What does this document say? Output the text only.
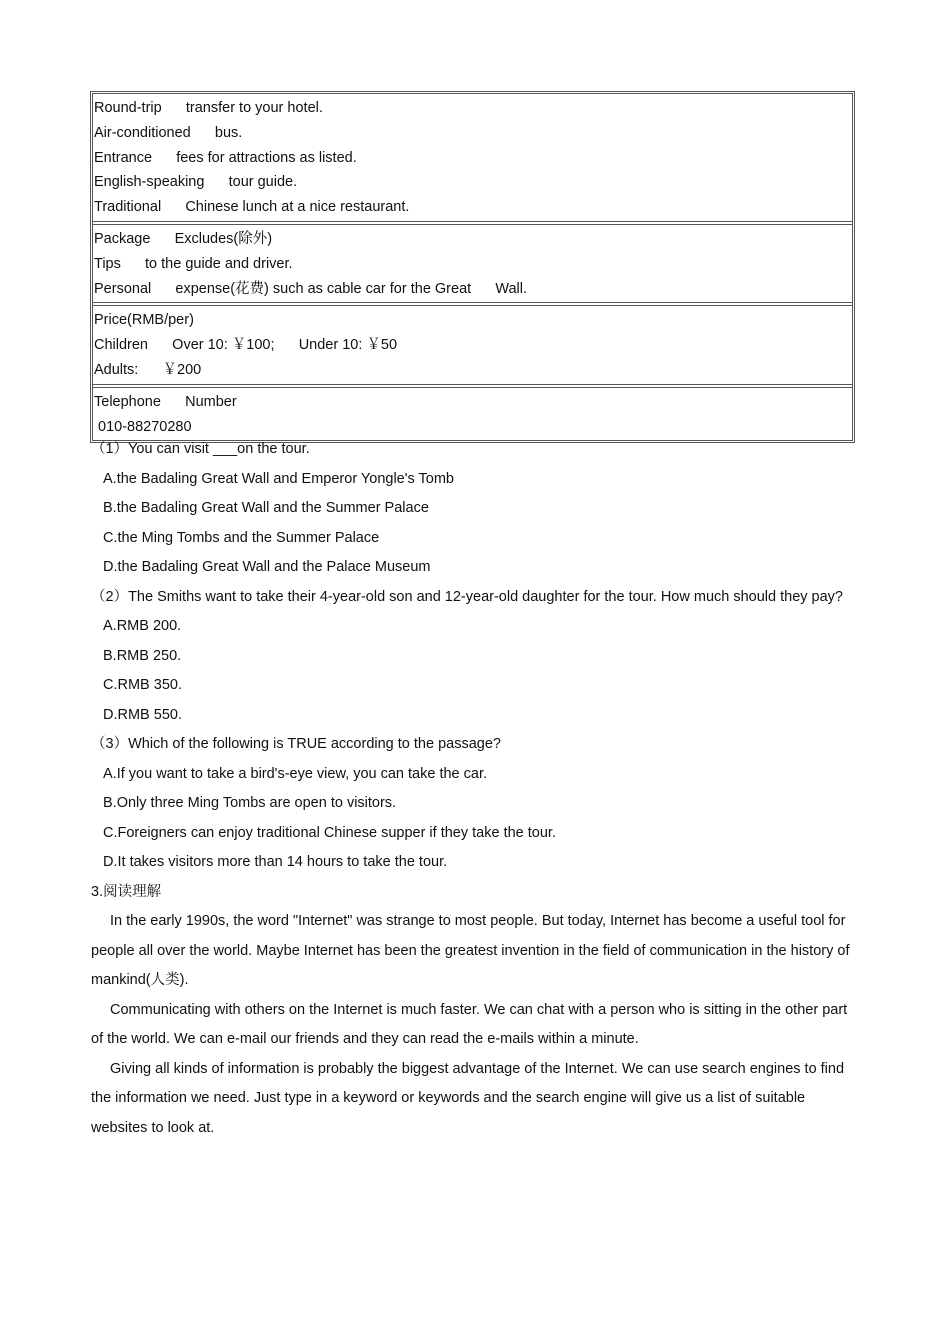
Round-trip      transfer to your hotel.
Air-conditioned      bus.
Entrance      fees for attractions as listed.
English-speaking      tour guide.
Traditional      Chinese lunch at a nice restaurant.
Package      Excludes(除外)
Tips      to the guide and driver.
Personal      expense(花费) such as cable car for the Great      Wall.
Price(RMB/per)
Children      Over 10: ￥100;      Under 10: ￥50
Adults:      ￥200
Telephone      Number
010-88270280
（1）You can visit ___on the tour.
A.the Badaling Great Wall and Emperor Yongle's Tomb
B.the Badaling Great Wall and the Summer Palace
C.the Ming Tombs and the Summer Palace
D.the Badaling Great Wall and the Palace Museum
（2）The Smiths want to take their 4-year-old son and 12-year-old daughter for the tour. How much should they pay?
A.RMB 200.
B.RMB 250.
C.RMB 350.
D.RMB 550.
（3）Which of the following is TRUE according to the passage?
A.If you want to take a bird's-eye view, you can take the car.
B.Only three Ming Tombs are open to visitors.
C.Foreigners can enjoy traditional Chinese supper if they take the tour.
D.It takes visitors more than 14 hours to take the tour.
3.阅读理解
In the early 1990s, the word "Internet" was strange to most people. But today, Internet has become a useful tool for people all over the world. Maybe Internet has been the greatest invention in the field of communication in the history of mankind(人类).
Communicating with others on the Internet is much faster. We can chat with a person who is sitting in the other part of the world. We can e-mail our friends and they can read the e-mails within a minute.
Giving all kinds of information is probably the biggest advantage of the Internet. We can use search engines to find the information we need. Just type in a keyword or keywords and the search engine will give us a list of suitable websites to look at.
